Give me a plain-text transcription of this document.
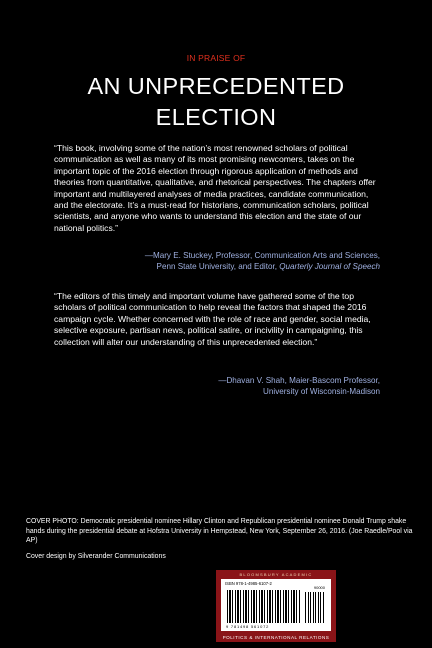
IN PRAISE OF
AN UNPRECEDENTED
ELECTION
“This book, involving some of the nation’s most renowned scholars of political communication as well as many of its most promising newcomers, takes on the important topic of the 2016 election through rigorous application of methods and theories from quantitative, qualitative, and rhetorical perspectives. The chapters offer important and multilayered analyses of media practices, candidate communication, and the electorate. It’s a must-read for historians, communication scholars, political scientists, and anyone who wants to understand this election and the state of our national politics.”
—Mary E. Stuckey, Professor, Communication Arts and Sciences,
Penn State University, and Editor, Quarterly Journal of Speech
“The editors of this timely and important volume have gathered some of the top scholars of political communication to help reveal the factors that shaped the 2016 campaign cycle. Whether concerned with the role of race and gender, social media, selective exposure, partisan news, political satire, or incivility in campaigning, this collection will alter our understanding of this unprecedented election.”
—Dhavan V. Shah, Maier-Bascom Professor,
University of Wisconsin-Madison
COVER PHOTO: Democratic presidential nominee Hillary Clinton and Republican presidential nominee Donald Trump shake hands during the presidential debate at Hofstra University in Hempstead, New York, September 26, 2016. (Joe Raedle/Pool via AP)
Cover design by Silverander Communications
BLOOMSBURY ACADEMIC
ISBN 978-1-4985-6107-2
90000
9 781498 561072
POLITICS & INTERNATIONAL RELATIONS
